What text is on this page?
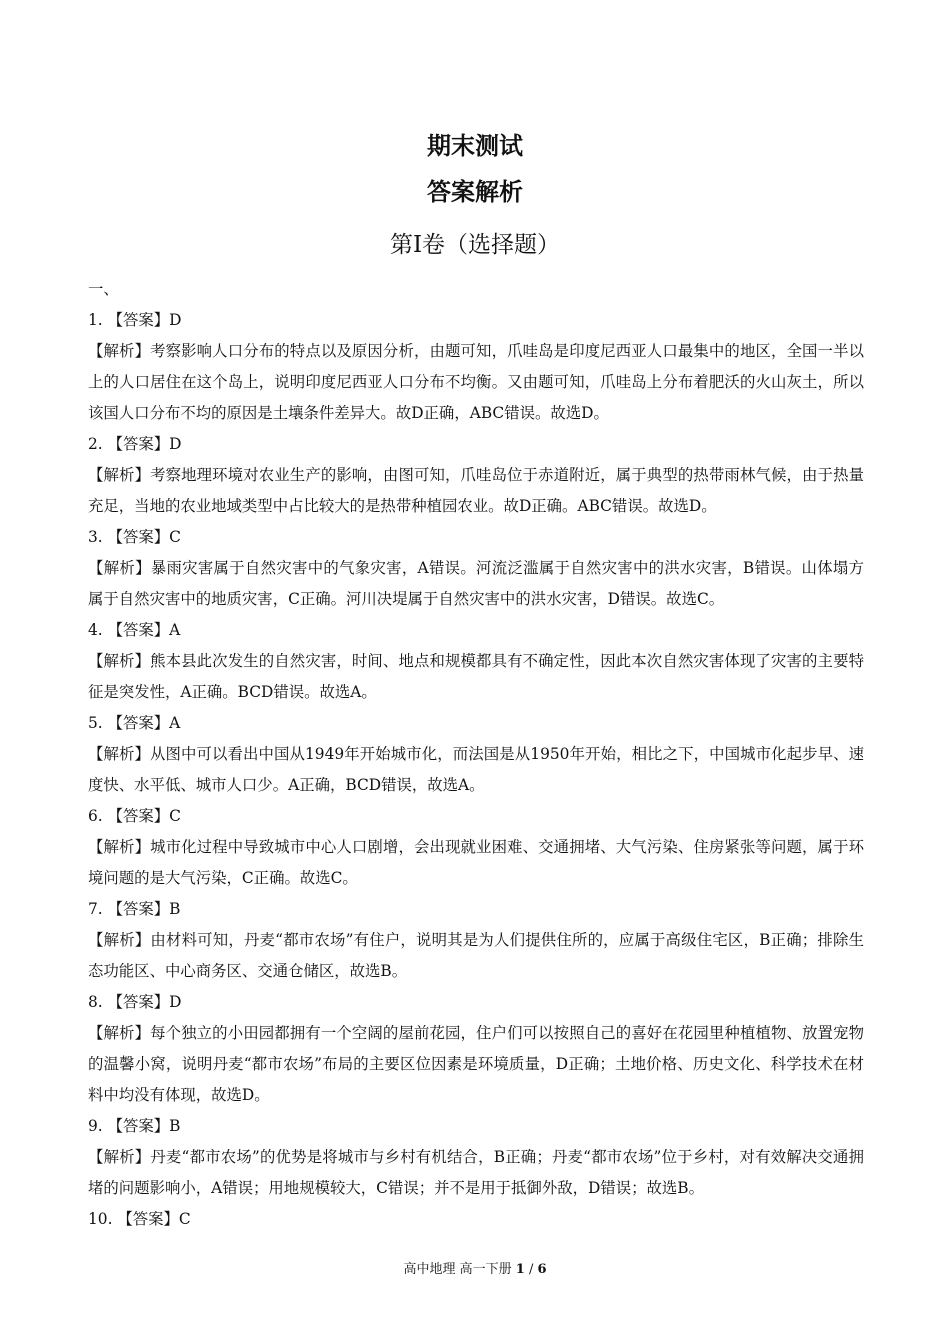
期末测试
答案解析
第Ⅰ卷（选择题）
一、
1. 【答案】D
【解析】考察影响人口分布的特点以及原因分析，由题可知，爪哇岛是印度尼西亚人口最集中的地区，全国一半以上的人口居住在这个岛上，说明印度尼西亚人口分布不均衡。又由题可知，爪哇岛上分布着肥沃的火山灰土，所以该国人口分布不均的原因是土壤条件差异大。故D正确，ABC错误。故选D。
2. 【答案】D
【解析】考察地理环境对农业生产的影响，由图可知，爪哇岛位于赤道附近，属于典型的热带雨林气候，由于热量充足，当地的农业地域类型中占比较大的是热带种植园农业。故D正确。ABC错误。故选D。
3. 【答案】C
【解析】暴雨灾害属于自然灾害中的气象灾害，A错误。河流泛滥属于自然灾害中的洪水灾害，B错误。山体塌方属于自然灾害中的地质灾害，C正确。河川决堤属于自然灾害中的洪水灾害，D错误。故选C。
4. 【答案】A
【解析】熊本县此次发生的自然灾害，时间、地点和规模都具有不确定性，因此本次自然灾害体现了灾害的主要特征是突发性，A正确。BCD错误。故选A。
5. 【答案】A
【解析】从图中可以看出中国从1949年开始城市化，而法国是从1950年开始，相比之下，中国城市化起步早、速度快、水平低、城市人口少。A正确，BCD错误，故选A。
6. 【答案】C
【解析】城市化过程中导致城市中心人口剧增，会出现就业困难、交通拥堵、大气污染、住房紧张等问题，属于环境问题的是大气污染，C正确。故选C。
7. 【答案】B
【解析】由材料可知，丹麦“都市农场”有住户，说明其是为人们提供住所的，应属于高级住宅区，B正确；排除生态功能区、中心商务区、交通仓储区，故选B。
8. 【答案】D
【解析】每个独立的小田园都拥有一个空阔的屋前花园，住户们可以按照自己的喜好在花园里种植植物、放置宠物的温馨小窝，说明丹麦“都市农场”布局的主要区位因素是环境质量，D正确；土地价格、历史文化、科学技术在材料中均没有体现，故选D。
9. 【答案】B
【解析】丹麦“都市农场”的优势是将城市与乡村有机结合，B正确；丹麦“都市农场”位于乡村，对有效解决交通拥堵的问题影响小，A错误；用地规模较大，C错误；并不是用于抵御外敌，D错误；故选B。
10. 【答案】C
高中地理 高一下册 1 / 6
